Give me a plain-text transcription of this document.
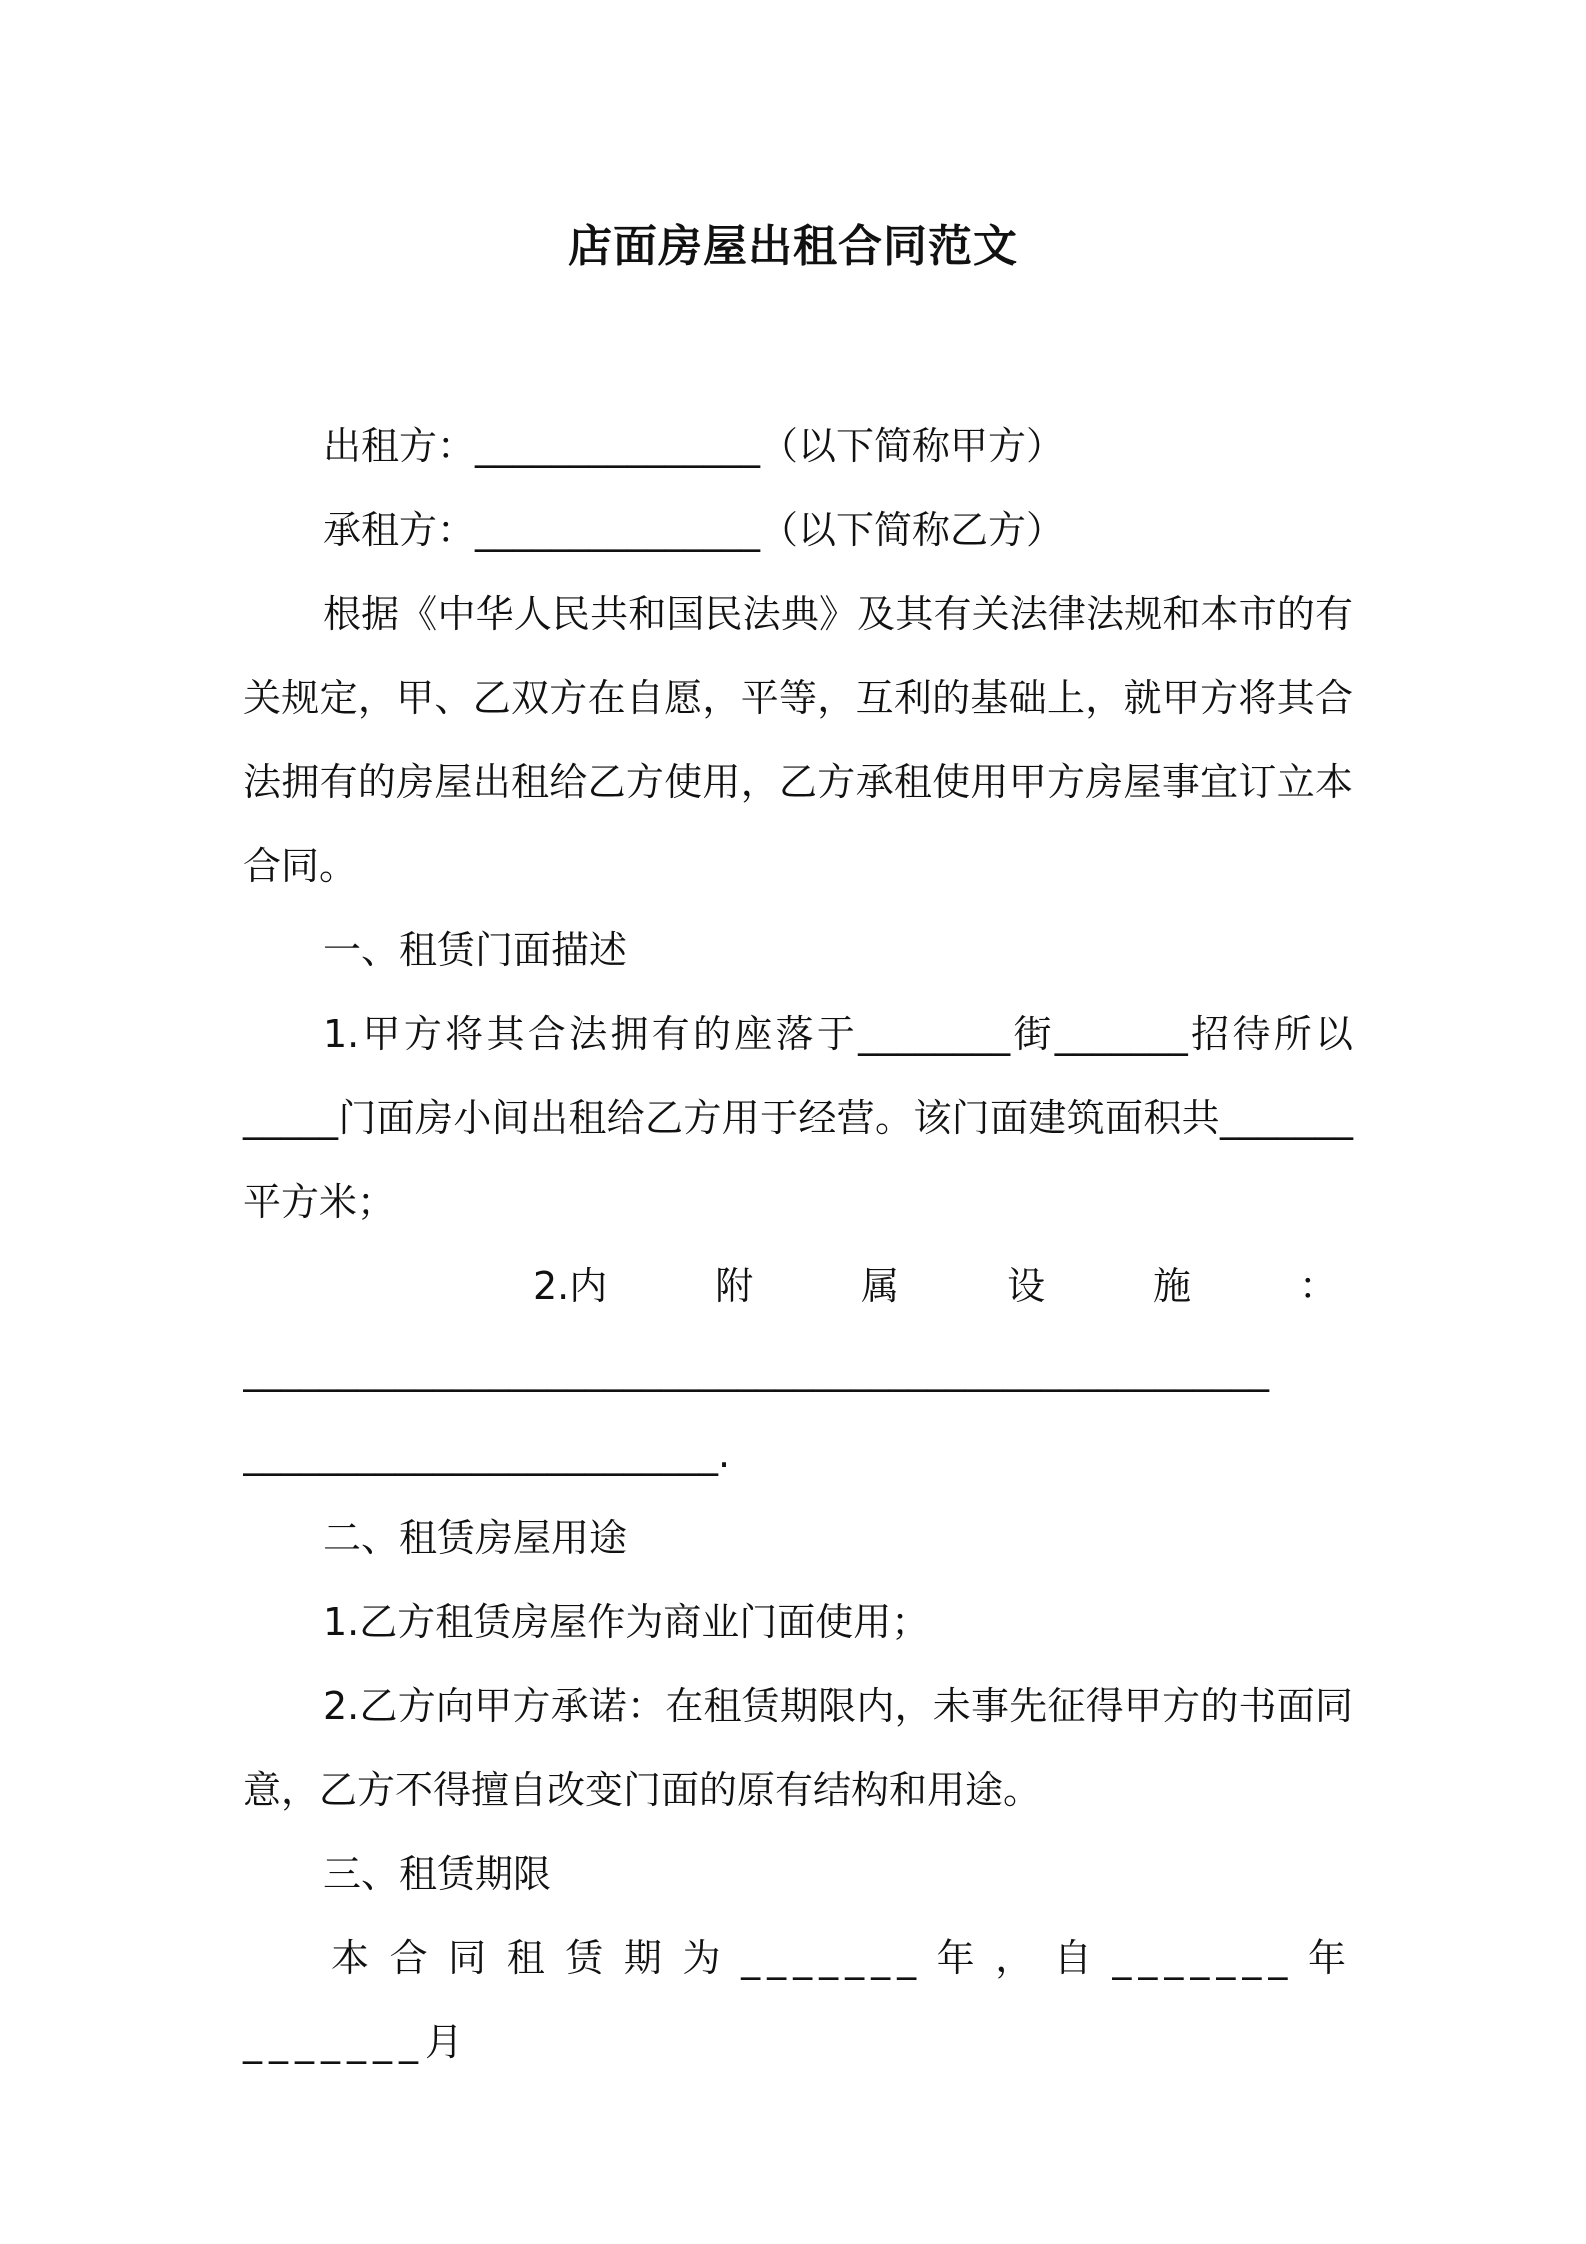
店面房屋出租合同范文

出租方：_______________（以下简称甲方）

承租方：_______________（以下简称乙方）

根据《中华人民共和国民法典》及其有关法律法规和本市的有关规定，甲、乙双方在自愿，平等，互利的基础上，就甲方将其合法拥有的房屋出租给乙方使用，乙方承租使用甲方房屋事宜订立本合同。

一、租赁门面描述

1.甲方将其合法拥有的座落于________街_______招待所以_____门面房小间出租给乙方用于经营。该门面建筑面积共_______平方米；

2.内	附	属	设	施	：

______________________________________________________

_________________________.

二、租赁房屋用途

1.乙方租赁房屋作为商业门面使用；

2.乙方向甲方承诺：在租赁期限内，未事先征得甲方的书面同意，乙方不得擅自改变门面的原有结构和用途。

三、租赁期限

本合同租赁期为_______年，自_______年_______月
